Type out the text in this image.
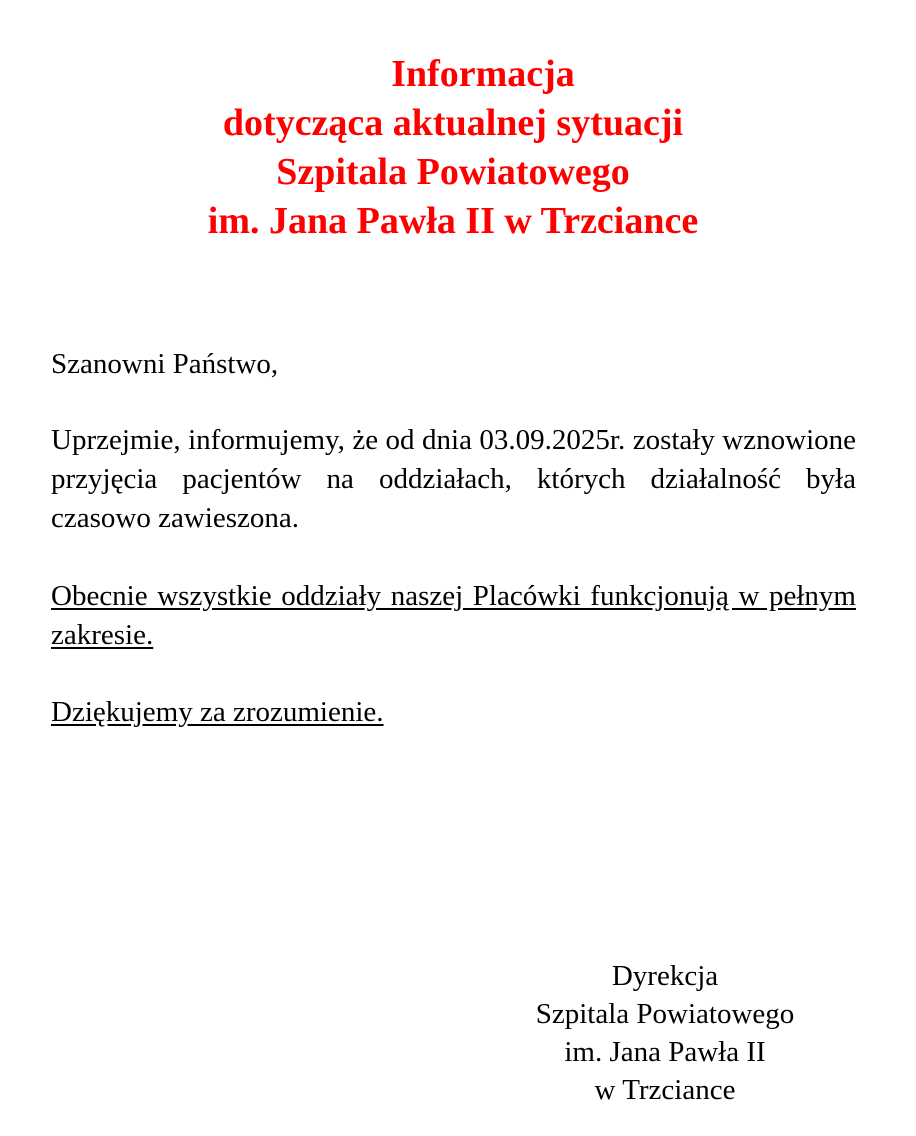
Informacja
dotycząca aktualnej sytuacji
Szpitala Powiatowego
im. Jana Pawła II w Trzciance
Szanowni Państwo,
Uprzejmie, informujemy, że od dnia 03.09.2025r. zostały wznowione przyjęcia pacjentów na oddziałach, których działalność była czasowo zawieszona.
Obecnie wszystkie oddziały naszej Placówki funkcjonują w pełnym zakresie.
Dziękujemy za zrozumienie.
Dyrekcja
Szpitala Powiatowego
im. Jana Pawła II
w Trzciance
